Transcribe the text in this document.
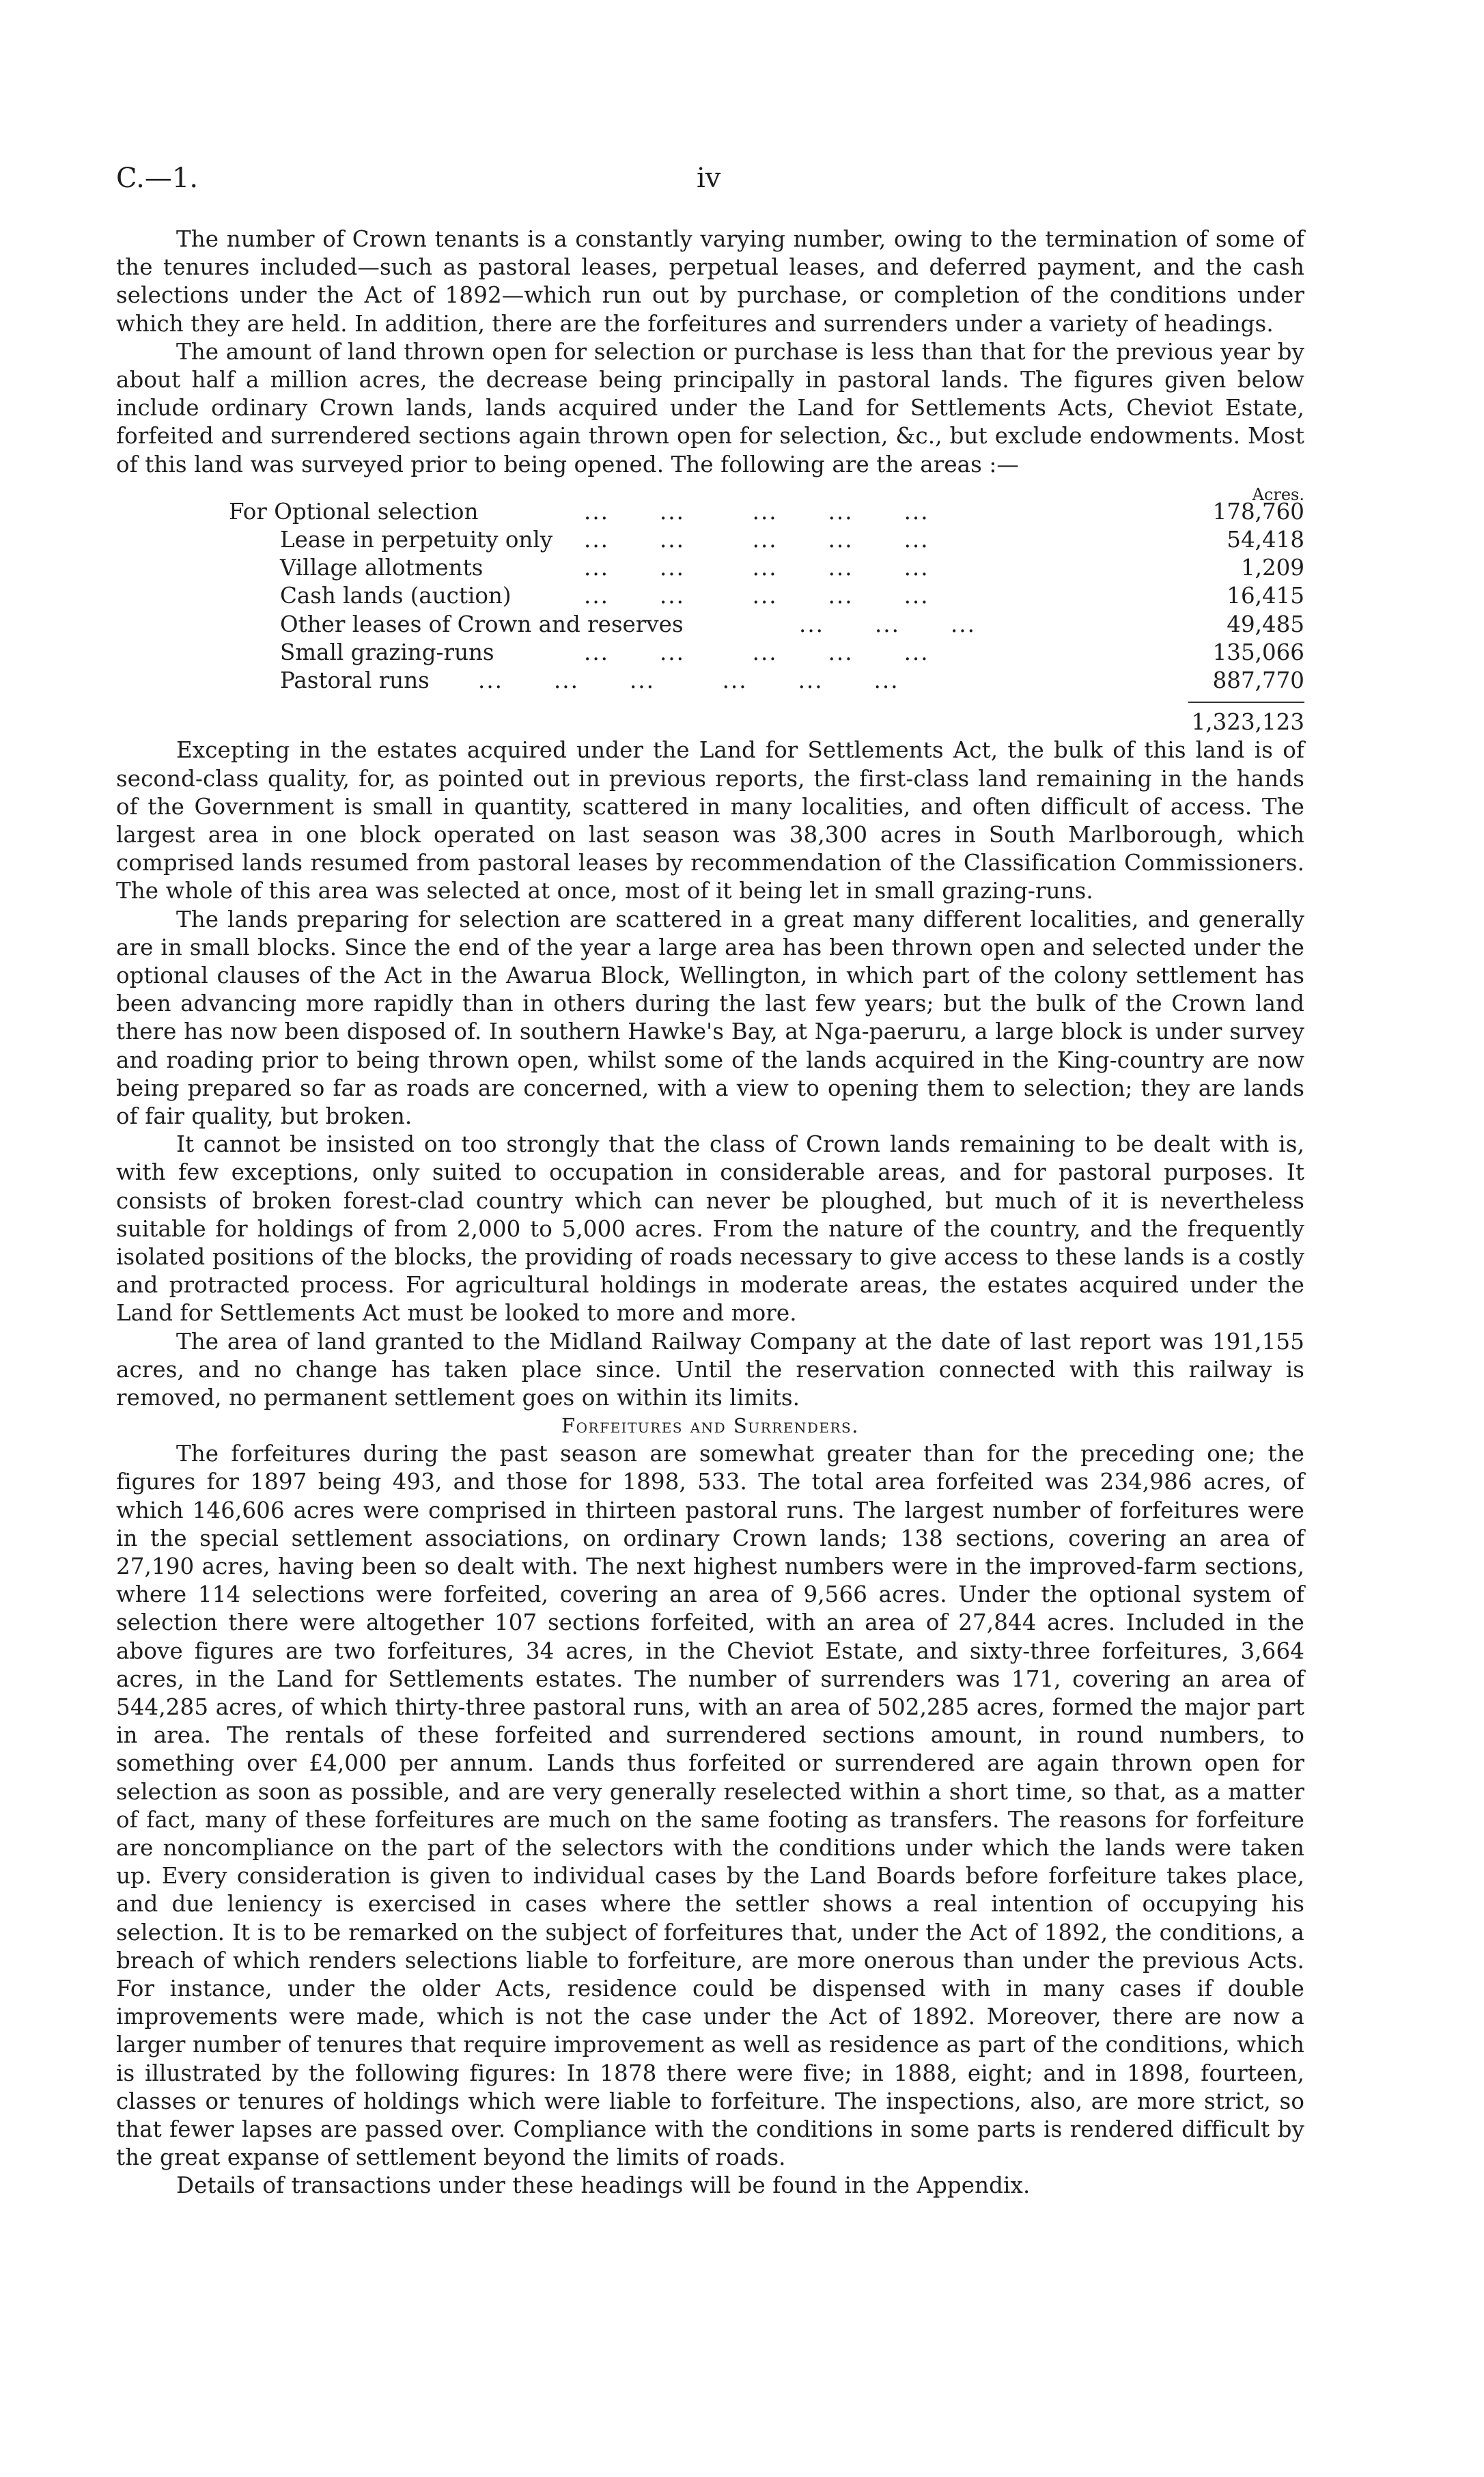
C.—1.	iv

The number of Crown tenants is a constantly varying number, owing to the termination of some of the tenures included—such as pastoral leases, perpetual leases, and deferred payment, and the cash selections under the Act of 1892—which run out by purchase, or completion of the conditions under which they are held. In addition, there are the forfeitures and surrenders under a variety of headings.

The amount of land thrown open for selection or purchase is less than that for the previous year by about half a million acres, the decrease being principally in pastoral lands. The figures given below include ordinary Crown lands, lands acquired under the Land for Settlements Acts, Cheviot Estate, forfeited and surrendered sections again thrown open for selection, &c., but exclude endowments. Most of this land was surveyed prior to being opened. The following are the areas :—

Acres.
For Optional selection	...      ...        ...      ...      ...	178,760
Lease in perpetuity only ...      ...        ...      ...      ...	54,418
Village allotments	...      ...        ...      ...      ...	1,209
Cash lands (auction)	...      ...        ...      ...      ...	16,415
Other leases of Crown and reserves	...      ...      ...	49,485
Small grazing-runs	...      ...        ...      ...      ...	135,066
Pastoral runs ...      ...      ...        ...      ...      ...	887,770
1,323,123

Excepting in the estates acquired under the Land for Settlements Act, the bulk of this land is of second-class quality, for, as pointed out in previous reports, the first-class land remaining in the hands of the Government is small in quantity, scattered in many localities, and often difficult of access. The largest area in one block operated on last season was 38,300 acres in South Marlborough, which comprised lands resumed from pastoral leases by recommendation of the Classification Commissioners. The whole of this area was selected at once, most of it being let in small grazing-runs.

The lands preparing for selection are scattered in a great many different localities, and generally are in small blocks. Since the end of the year a large area has been thrown open and selected under the optional clauses of the Act in the Awarua Block, Wellington, in which part of the colony settlement has been advancing more rapidly than in others during the last few years; but the bulk of the Crown land there has now been disposed of. In southern Hawke's Bay, at Nga-paeruru, a large block is under survey and roading prior to being thrown open, whilst some of the lands acquired in the King-country are now being prepared so far as roads are concerned, with a view to opening them to selection; they are lands of fair quality, but broken.

It cannot be insisted on too strongly that the class of Crown lands remaining to be dealt with is, with few exceptions, only suited to occupation in considerable areas, and for pastoral purposes. It consists of broken forest-clad country which can never be ploughed, but much of it is nevertheless suitable for holdings of from 2,000 to 5,000 acres. From the nature of the country, and the frequently isolated positions of the blocks, the providing of roads necessary to give access to these lands is a costly and protracted process. For agricultural holdings in moderate areas, the estates acquired under the Land for Settlements Act must be looked to more and more.

The area of land granted to the Midland Railway Company at the date of last report was 191,155 acres, and no change has taken place since. Until the reservation connected with this railway is removed, no permanent settlement goes on within its limits.

Forfeitures and Surrenders.

The forfeitures during the past season are somewhat greater than for the preceding one; the figures for 1897 being 493, and those for 1898, 533. The total area forfeited was 234,986 acres, of which 146,606 acres were comprised in thirteen pastoral runs. The largest number of forfeitures were in the special settlement associations, on ordinary Crown lands; 138 sections, covering an area of 27,190 acres, having been so dealt with. The next highest numbers were in the improved-farm sections, where 114 selections were forfeited, covering an area of 9,566 acres. Under the optional system of selection there were altogether 107 sections forfeited, with an area of 27,844 acres. Included in the above figures are two forfeitures, 34 acres, in the Cheviot Estate, and sixty-three forfeitures, 3,664 acres, in the Land for Settlements estates. The number of surrenders was 171, covering an area of 544,285 acres, of which thirty-three pastoral runs, with an area of 502,285 acres, formed the major part in area. The rentals of these forfeited and surrendered sections amount, in round numbers, to something over £4,000 per annum. Lands thus forfeited or surrendered are again thrown open for selection as soon as possible, and are very generally reselected within a short time, so that, as a matter of fact, many of these forfeitures are much on the same footing as transfers. The reasons for forfeiture are noncompliance on the part of the selectors with the conditions under which the lands were taken up. Every consideration is given to individual cases by the Land Boards before forfeiture takes place, and due leniency is exercised in cases where the settler shows a real intention of occupying his selection. It is to be remarked on the subject of forfeitures that, under the Act of 1892, the conditions, a breach of which renders selections liable to forfeiture, are more onerous than under the previous Acts. For instance, under the older Acts, residence could be dispensed with in many cases if double improvements were made, which is not the case under the Act of 1892. Moreover, there are now a larger number of tenures that require improvement as well as residence as part of the conditions, which is illustrated by the following figures: In 1878 there were five; in 1888, eight; and in 1898, fourteen, classes or tenures of holdings which were liable to forfeiture. The inspections, also, are more strict, so that fewer lapses are passed over. Compliance with the conditions in some parts is rendered difficult by the great expanse of settlement beyond the limits of roads.

Details of transactions under these headings will be found in the Appendix.
